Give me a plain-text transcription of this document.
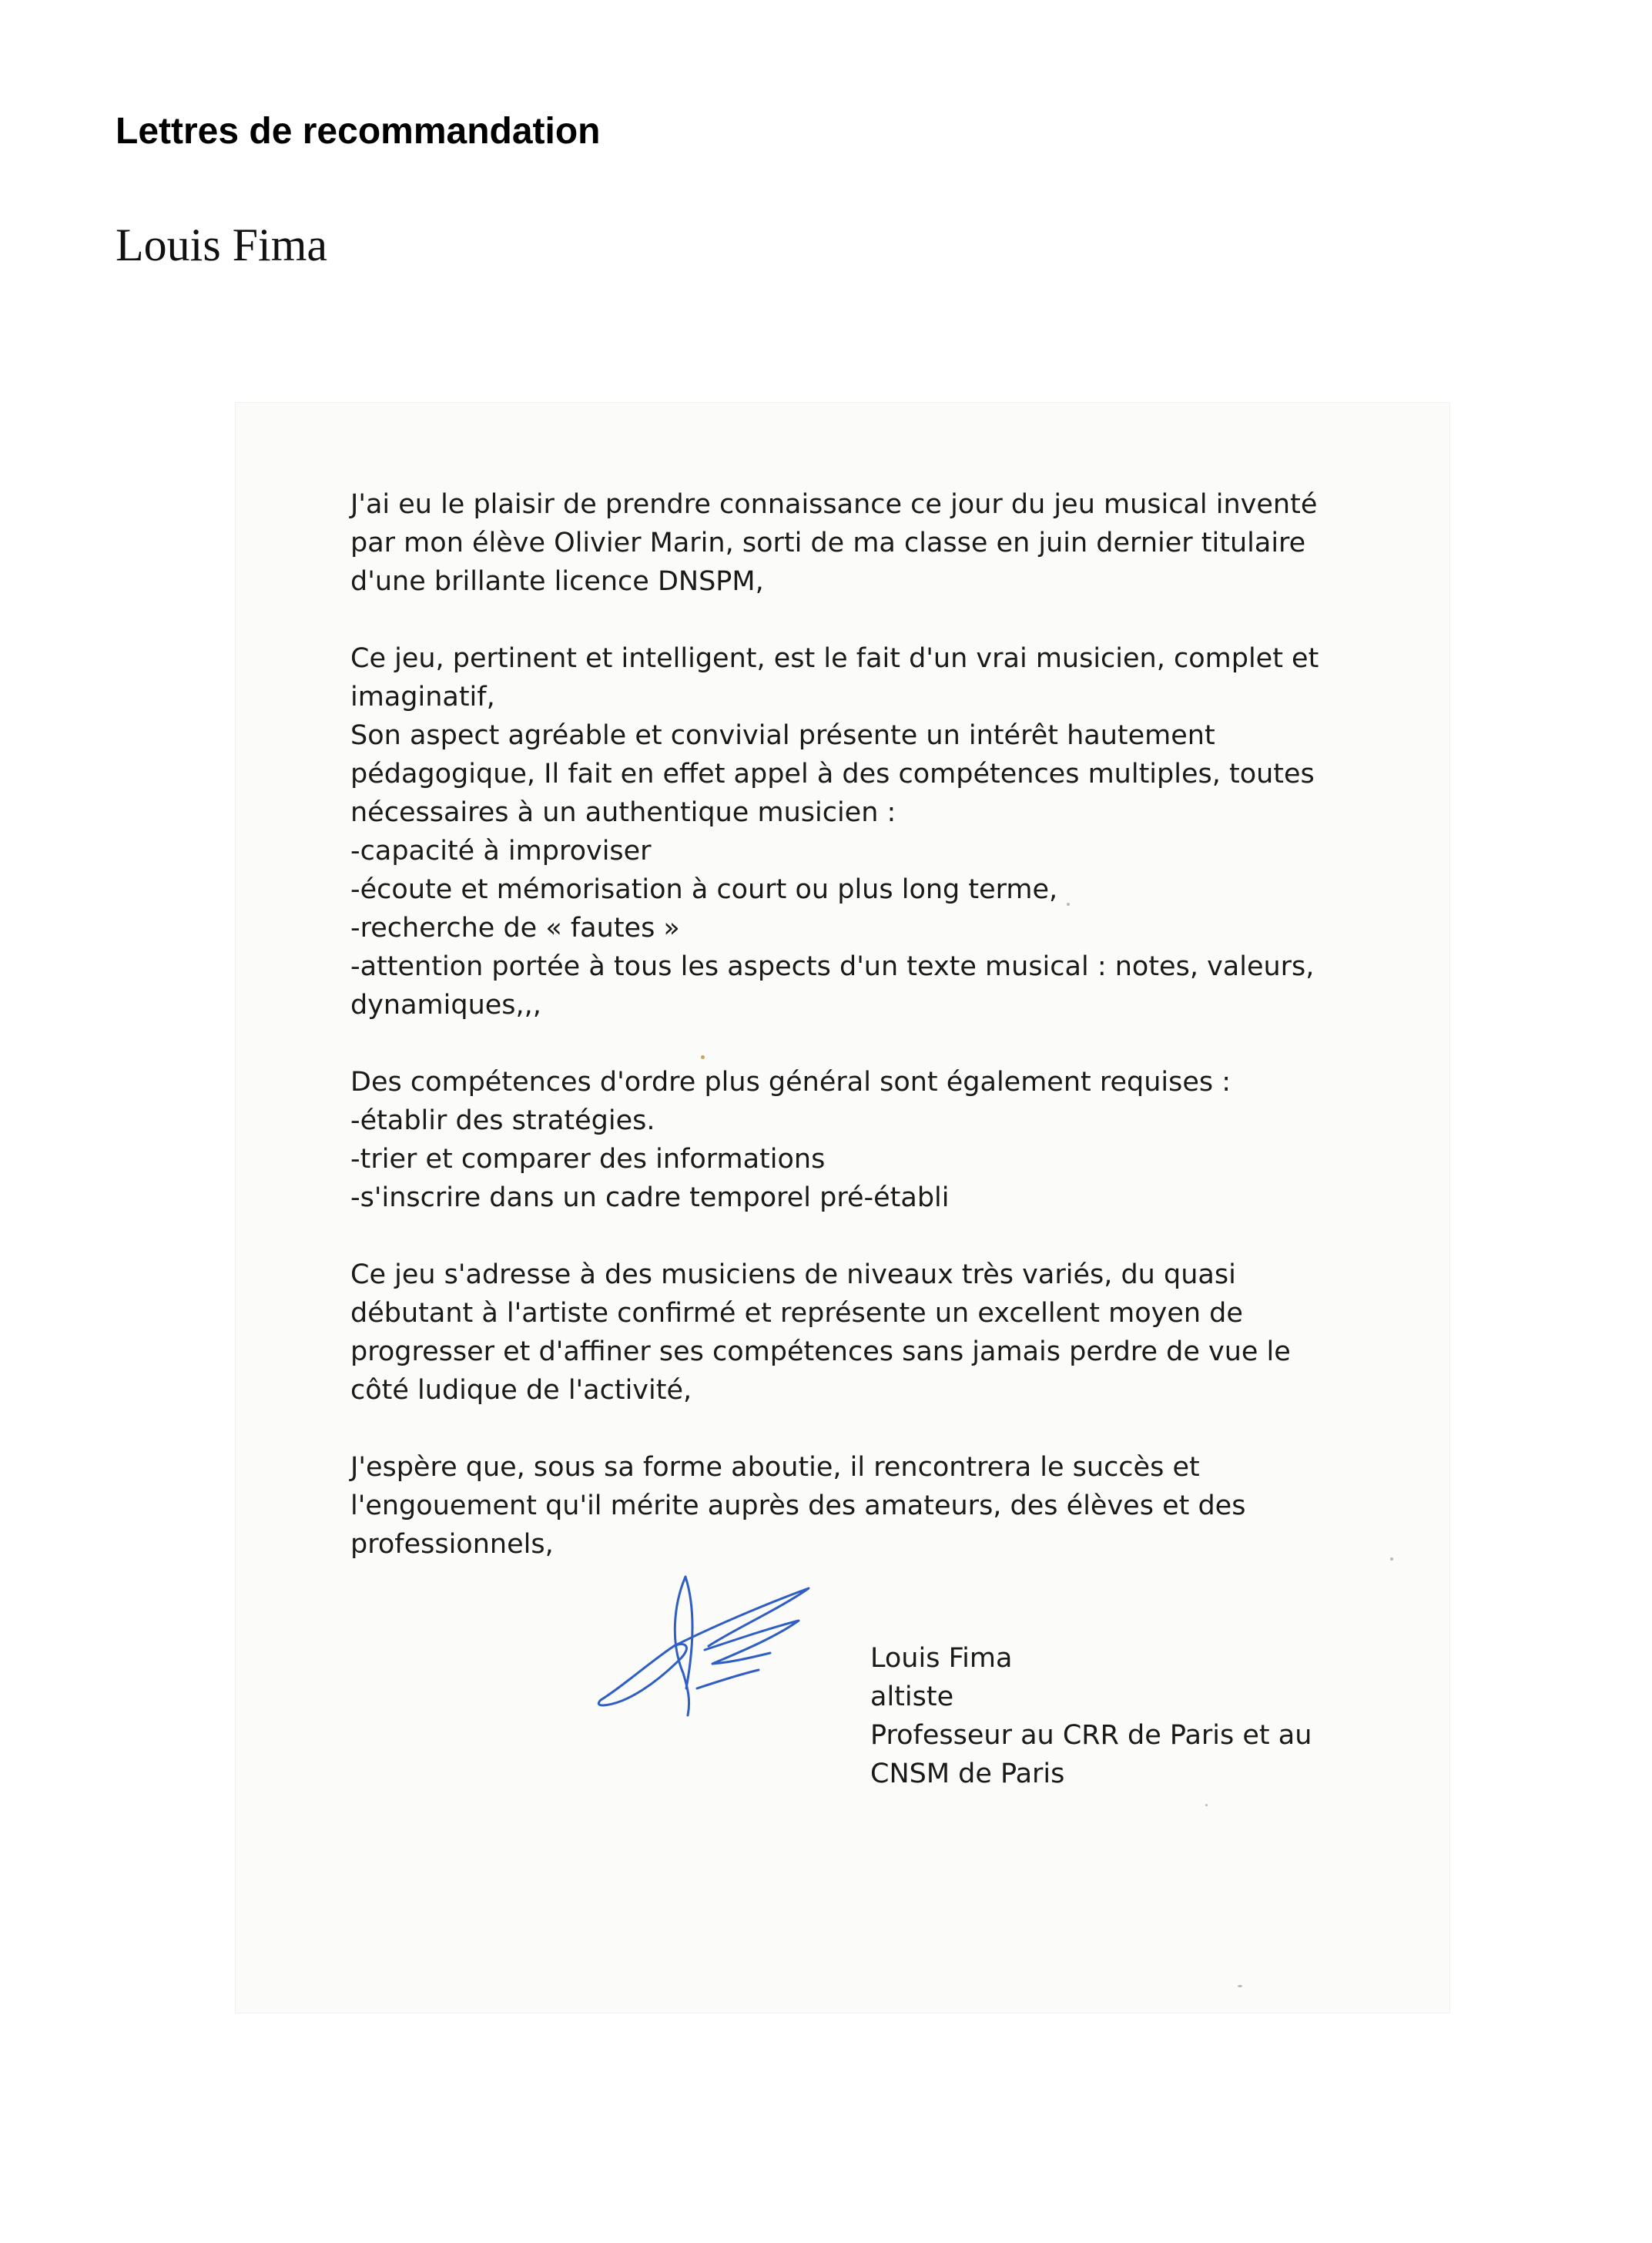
Lettres de recommandation
Louis Fima

J'ai eu le plaisir de prendre connaissance ce jour du jeu musical inventé
par mon élève Olivier Marin, sorti de ma classe en juin dernier titulaire
d'une brillante licence DNSPM,

Ce jeu, pertinent et intelligent, est le fait d'un vrai musicien, complet et
imaginatif,
Son aspect agréable et convivial présente un intérêt hautement
pédagogique, Il fait en effet appel à des compétences multiples, toutes
nécessaires à un authentique musicien :
-capacité à improviser
-écoute et mémorisation à court ou plus long terme,
-recherche de « fautes »
-attention portée à tous les aspects d'un texte musical : notes, valeurs,
dynamiques,,,

Des compétences d'ordre plus général sont également requises :
-établir des stratégies.
-trier et comparer des informations
-s'inscrire dans un cadre temporel pré-établi

Ce jeu s'adresse à des musiciens de niveaux très variés, du quasi
débutant à l'artiste confirmé et représente un excellent moyen de
progresser et d'affiner ses compétences sans jamais perdre de vue le
côté ludique de l'activité,

J'espère que, sous sa forme aboutie, il rencontrera le succès et
l'engouement qu'il mérite auprès des amateurs, des élèves et des
professionnels,

Louis Fima
altiste
Professeur au CRR de Paris et au
CNSM de Paris
